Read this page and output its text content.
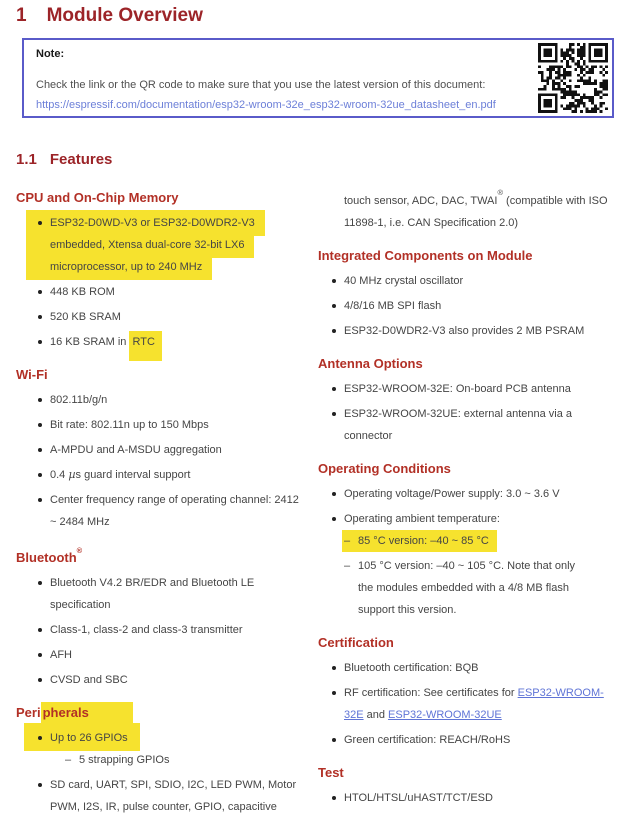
1 Module Overview
Note:
Check the link or the QR code to make sure that you use the latest version of this document:
https://espressif.com/documentation/esp32-wroom-32e_esp32-wroom-32ue_datasheet_en.pdf
1.1 Features
CPU and On-Chip Memory
ESP32-D0WD-V3 or ESP32-D0WDR2-V3 embedded, Xtensa dual-core 32-bit LX6 microprocessor, up to 240 MHz
448 KB ROM
520 KB SRAM
16 KB SRAM in RTC
Wi-Fi
802.11b/g/n
Bit rate: 802.11n up to 150 Mbps
A-MPDU and A-MSDU aggregation
0.4 µs guard interval support
Center frequency range of operating channel: 2412 ~ 2484 MHz
Bluetooth®
Bluetooth V4.2 BR/EDR and Bluetooth LE specification
Class-1, class-2 and class-3 transmitter
AFH
CVSD and SBC
Peri pherals
Up to 26 GPIOs
– 5 strapping GPIOs
SD card, UART, SPI, SDIO, I2C, LED PWM, Motor PWM, I2S, IR, pulse counter, GPIO, capacitive
touch sensor, ADC, DAC, TWAI® (compatible with ISO 11898-1, i.e. CAN Specification 2.0)
Integrated Components on Module
40 MHz crystal oscillator
4/8/16 MB SPI flash
ESP32-D0WDR2-V3 also provides 2 MB PSRAM
Antenna Options
ESP32-WROOM-32E: On-board PCB antenna
ESP32-WROOM-32UE: external antenna via a connector
Operating Conditions
Operating voltage/Power supply: 3.0 ~ 3.6 V
Operating ambient temperature:
– 85 °C version: –40 ~ 85 °C
– 105 °C version: –40 ~ 105 °C. Note that only the modules embedded with a 4/8 MB flash support this version.
Certification
Bluetooth certification: BQB
RF certification: See certificates for ESP32-WROOM-32E and ESP32-WROOM-32UE
Green certification: REACH/RoHS
Test
HTOL/HTSL/uHAST/TCT/ESD
